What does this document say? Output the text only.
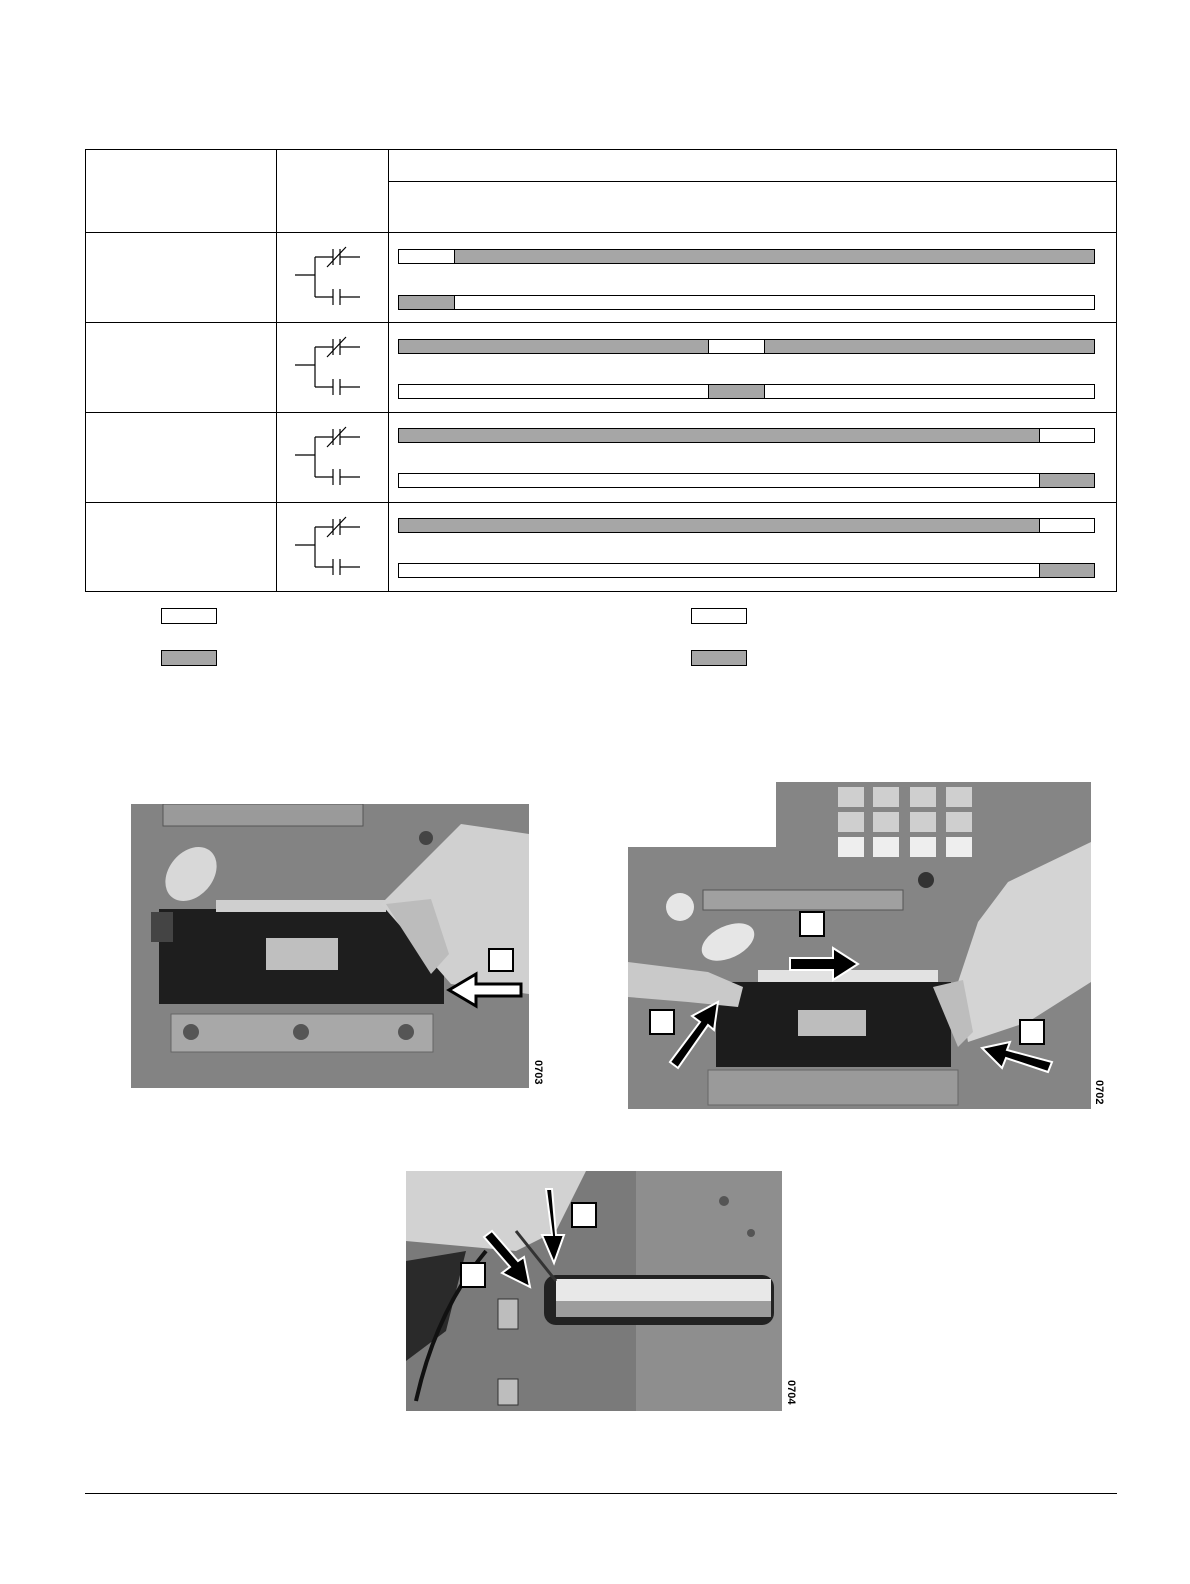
0703
0702
0704
